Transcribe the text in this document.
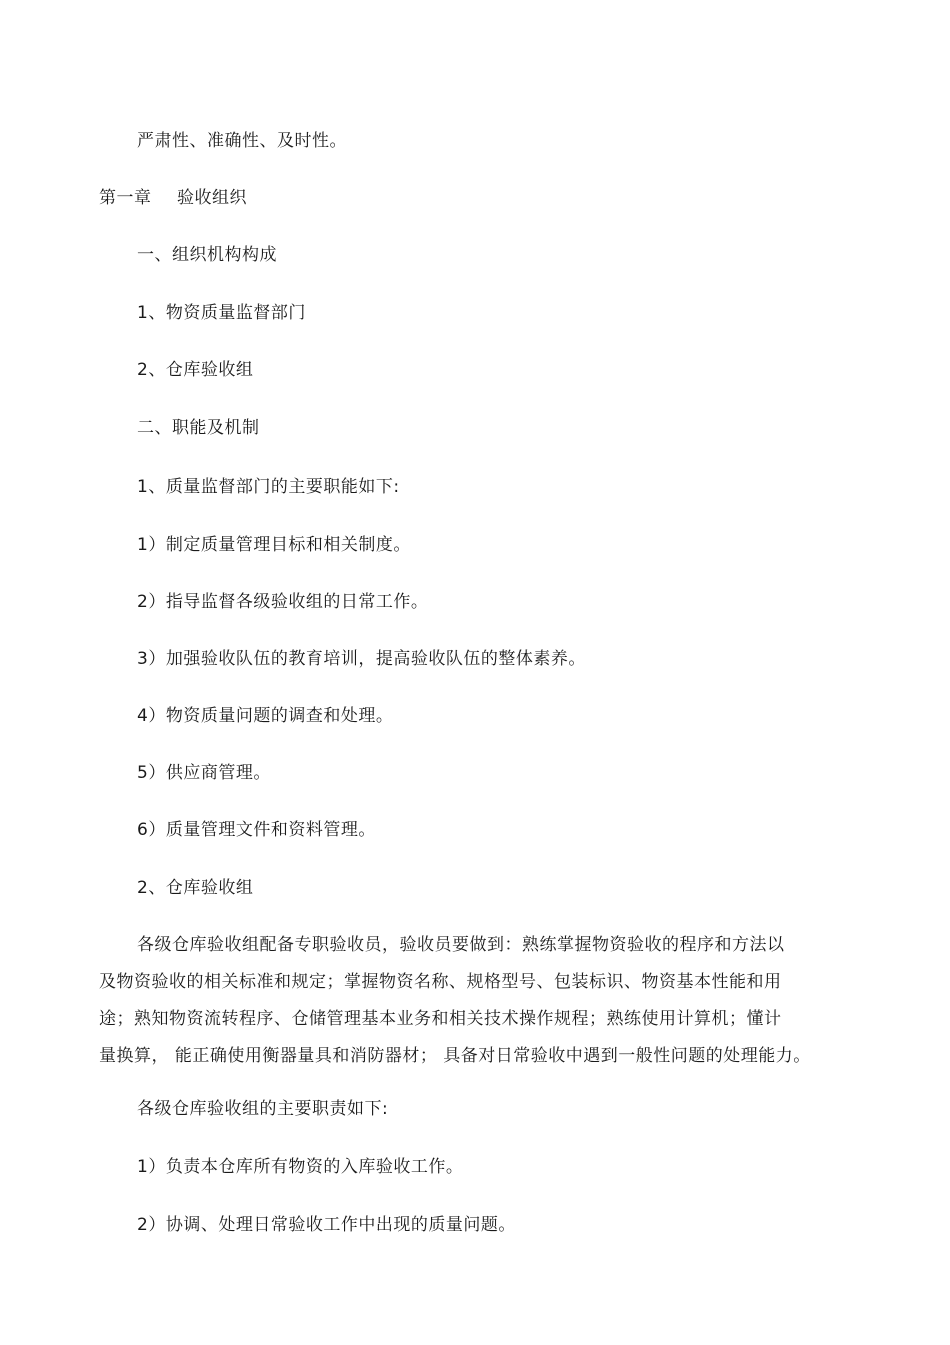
严肃性、准确性、及时性。
第一章 验收组织
一、组织机构构成
1、物资质量监督部门
2、仓库验收组
二、职能及机制
1、质量监督部门的主要职能如下:
1）制定质量管理目标和相关制度。
2）指导监督各级验收组的日常工作。
3）加强验收队伍的教育培训，提高验收队伍的整体素养。
4）物资质量问题的调查和处理。
5）供应商管理。
6）质量管理文件和资料管理。
2、仓库验收组
各级仓库验收组配备专职验收员，验收员要做到：熟练掌握物资验收的程序和方法以
及物资验收的相关标准和规定；掌握物资名称、规格型号、包装标识、物资基本性能和用
途；熟知物资流转程序、仓储管理基本业务和相关技术操作规程；熟练使用计算机；懂计
量换算， 能正确使用衡器量具和消防器材； 具备对日常验收中遇到一般性问题的处理能力。
各级仓库验收组的主要职责如下:
1）负责本仓库所有物资的入库验收工作。
2）协调、处理日常验收工作中出现的质量问题。
